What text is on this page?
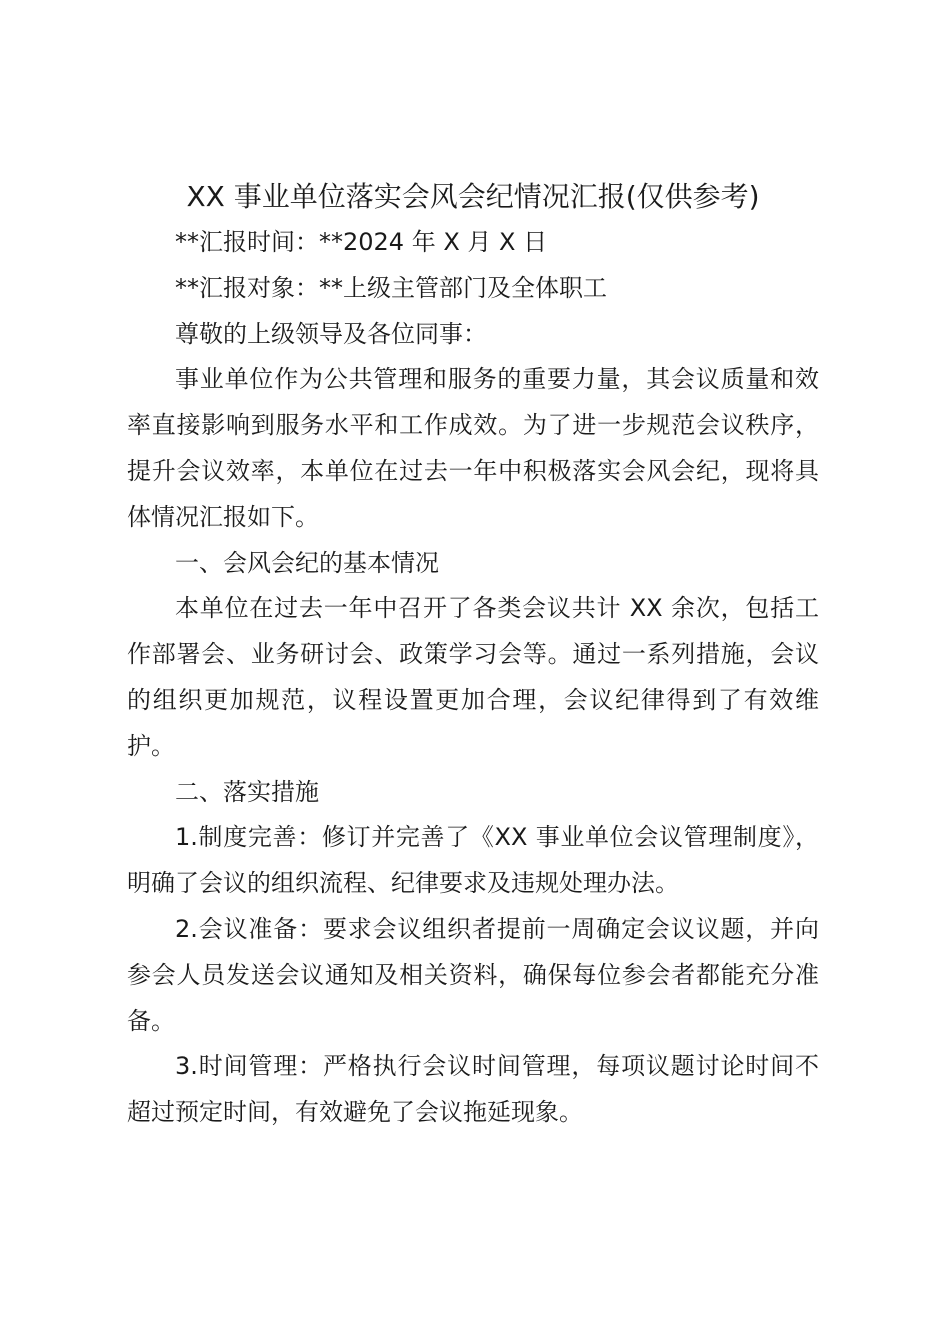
XX 事业单位落实会风会纪情况汇报(仅供参考)

**汇报时间：**2024 年 X 月 X 日

**汇报对象：**上级主管部门及全体职工

尊敬的上级领导及各位同事：

事业单位作为公共管理和服务的重要力量，其会议质量和效率直接影响到服务水平和工作成效。为了进一步规范会议秩序，提升会议效率，本单位在过去一年中积极落实会风会纪，现将具体情况汇报如下。

一、会风会纪的基本情况

本单位在过去一年中召开了各类会议共计 XX 余次，包括工作部署会、业务研讨会、政策学习会等。通过一系列措施，会议的组织更加规范，议程设置更加合理，会议纪律得到了有效维护。

二、落实措施

1.制度完善：修订并完善了《XX 事业单位会议管理制度》，明确了会议的组织流程、纪律要求及违规处理办法。

2.会议准备：要求会议组织者提前一周确定会议议题，并向参会人员发送会议通知及相关资料，确保每位参会者都能充分准备。

3.时间管理：严格执行会议时间管理，每项议题讨论时间不超过预定时间，有效避免了会议拖延现象。
